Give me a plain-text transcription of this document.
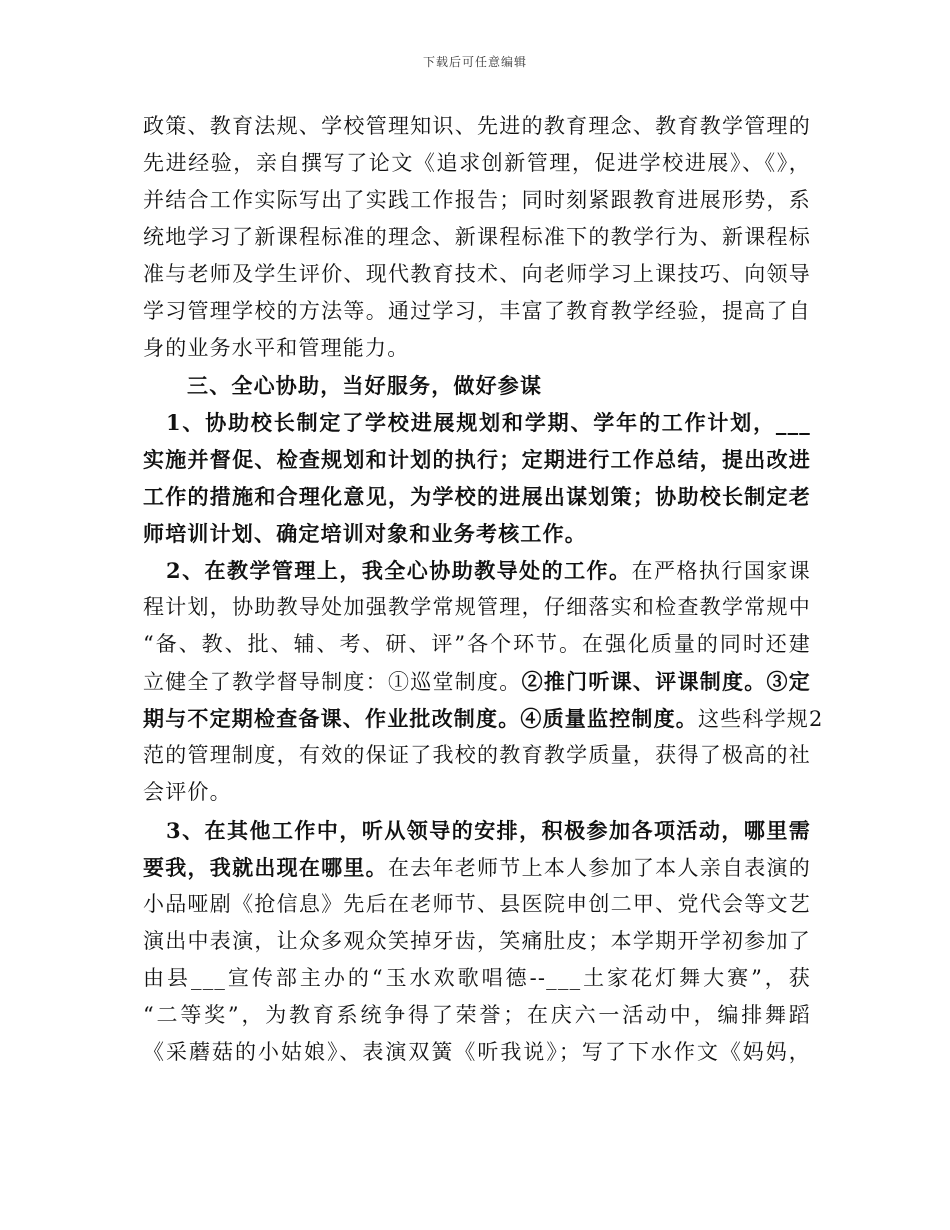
下载后可任意编辑
政策、教育法规、学校管理知识、先进的教育理念、教育教学管理的
先进经验，亲自撰写了论文《追求创新管理，促进学校进展》、《》，
并结合工作实际写出了实践工作报告；同时刻紧跟教育进展形势，系
统地学习了新课程标准的理念、新课程标准下的教学行为、新课程标
准与老师及学生评价、现代教育技术、向老师学习上课技巧、向领导
学习管理学校的方法等。通过学习，丰富了教育教学经验，提高了自
身的业务水平和管理能力。
三、全心协助，当好服务，做好参谋
1、协助校长制定了学校进展规划和学期、学年的工作计划，___
实施并督促、检查规划和计划的执行；定期进行工作总结，提出改进
工作的措施和合理化意见，为学校的进展出谋划策；协助校长制定老
师培训计划、确定培训对象和业务考核工作。
2、在教学管理上，我全心协助教导处的工作。在严格执行国家课
程计划，协助教导处加强教学常规管理，仔细落实和检查教学常规中
“备、教、批、辅、考、研、评”各个环节。在强化质量的同时还建
立健全了教学督导制度：①巡堂制度。②推门听课、评课制度。③定
期与不定期检查备课、作业批改制度。④质量监控制度。这些科学规2
范的管理制度，有效的保证了我校的教育教学质量，获得了极高的社
会评价。
3、在其他工作中，听从领导的安排，积极参加各项活动，哪里需
要我，我就出现在哪里。在去年老师节上本人参加了本人亲自表演的
小品哑剧《抢信息》先后在老师节、县医院申创二甲、党代会等文艺
演出中表演，让众多观众笑掉牙齿，笑痛肚皮；本学期开学初参加了
由县___宣传部主办的“玉水欢歌唱德--___土家花灯舞大赛”，获
“二等奖”，为教育系统争得了荣誉；在庆六一活动中，编排舞蹈
《采蘑菇的小姑娘》、表演双簧《听我说》；写了下水作文《妈妈，
